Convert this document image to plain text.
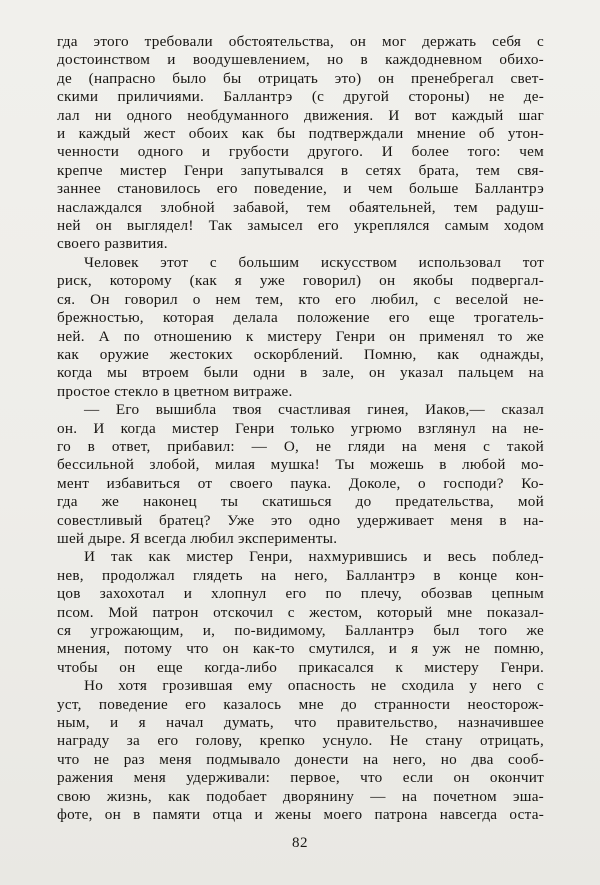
гда этого требовали обстоятельства, он мог держать себя с
достоинством и воодушевлением, но в каждодневном обихо-
де (напрасно было бы отрицать это) он пренебрегал свет-
скими приличиями. Баллантрэ (с другой стороны) не де-
лал ни одного необдуманного движения. И вот каждый шаг
и каждый жест обоих как бы подтверждали мнение об утон-
ченности одного и грубости другого. И более того: чем
крепче мистер Генри запутывался в сетях брата, тем свя-
заннее становилось его поведение, и чем больше Баллантрэ
наслаждался злобной забавой, тем обаятельней, тем радуш-
ней он выглядел! Так замысел его укреплялся самым ходом
своего развития.
Человек этот с большим искусством использовал тот
риск, которому (как я уже говорил) он якобы подвергал-
ся. Он говорил о нем тем, кто его любил, с веселой не-
брежностью, которая делала положение его еще трогатель-
ней. А по отношению к мистеру Генри он применял то же
как оружие жестоких оскорблений. Помню, как однажды,
когда мы втроем были одни в зале, он указал пальцем на
простое стекло в цветном витраже.
— Его вышибла твоя счастливая гинея, Иаков,— сказал
он. И когда мистер Генри только угрюмо взглянул на не-
го в ответ, прибавил: — О, не гляди на меня с такой
бессильной злобой, милая мушка! Ты можешь в любой мо-
мент избавиться от своего паука. Доколе, о господи? Ко-
гда же наконец ты скатишься до предательства, мой
совестливый братец? Уже это одно удерживает меня в на-
шей дыре. Я всегда любил эксперименты.
И так как мистер Генри, нахмурившись и весь поблед-
нев, продолжал глядеть на него, Баллантрэ в конце кон-
цов захохотал и хлопнул его по плечу, обозвав цепным
псом. Мой патрон отскочил с жестом, который мне показал-
ся угрожающим, и, по-видимому, Баллантрэ был того же
мнения, потому что он как-то смутился, и я уж не помню,
чтобы он еще когда-либо прикасался к мистеру Генри.
Но хотя грозившая ему опасность не сходила у него с
уст, поведение его казалось мне до странности неосторож-
ным, и я начал думать, что правительство, назначившее
награду за его голову, крепко уснуло. Не стану отрицать,
что не раз меня подмывало донести на него, но два сооб-
ражения меня удерживали: первое, что если он окончит
свою жизнь, как подобает дворянину — на почетном эша-
фоте, он в памяти отца и жены моего патрона навсегда оста-
82
